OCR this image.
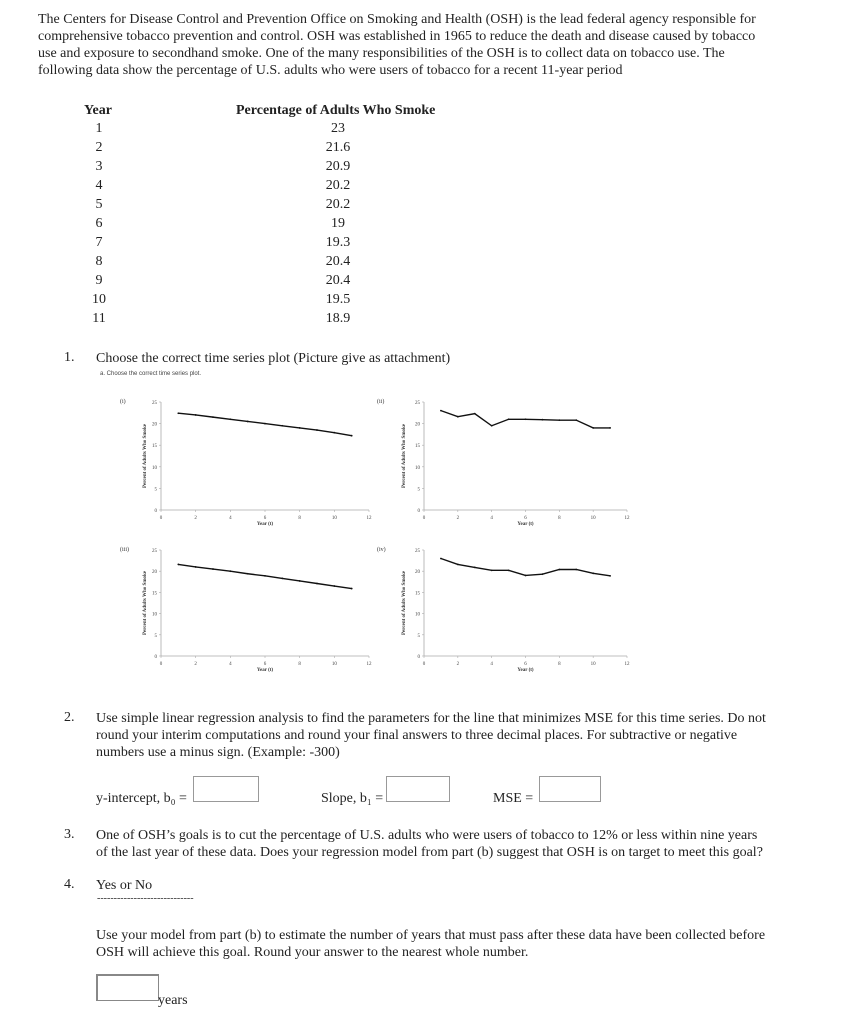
The Centers for Disease Control and Prevention Office on Smoking and Health (OSH) is the lead federal agency responsible for
comprehensive tobacco prevention and control. OSH was established in 1965 to reduce the death and disease caused by tobacco
use and exposure to secondhand smoke. One of the many responsibilities of the OSH is to collect data on tobacco use. The
following data show the percentage of U.S. adults who were users of tobacco for a recent 11-year period
Year	Percentage of Adults Who Smoke
1	23
2	21.6
3	20.9
4	20.2
5	20.2
6	19
7	19.3
8	20.4
9	20.4
10	19.5
11	18.9
1. Choose the correct time series plot (Picture give as attachment)
a. Choose the correct time series plot.
(i)
0
5
10
15
20
25
0	2	4	6	8	10	12
Year (t)
Percent of Adults Who Smoke
(ii)
0
5
10
15
20
25
0	2	4	6	8	10	12
Year (t)
Percent of Adults Who Smoke
(iii)
0
5
10
15
20
25
0	2	4	6	8	10	12
Year (t)
Percent of Adults Who Smoke
(iv)
0
5
10
15
20
25
0	2	4	6	8	10	12
Year (t)
Percent of Adults Who Smoke
2. Use simple linear regression analysis to find the parameters for the line that minimizes MSE for this time series. Do not
round your interim computations and round your final answers to three decimal places. For subtractive or negative
numbers use a minus sign. (Example: -300)
y-intercept, b₀ =	Slope, b₁ =	MSE =
3. One of OSH’s goals is to cut the percentage of U.S. adults who were users of tobacco to 12% or less within nine years
of the last year of these data. Does your regression model from part (b) suggest that OSH is on target to meet this goal?
4. Yes or No
-----------------------------
Use your model from part (b) to estimate the number of years that must pass after these data have been collected before
OSH will achieve this goal. Round your answer to the nearest whole number.
years
